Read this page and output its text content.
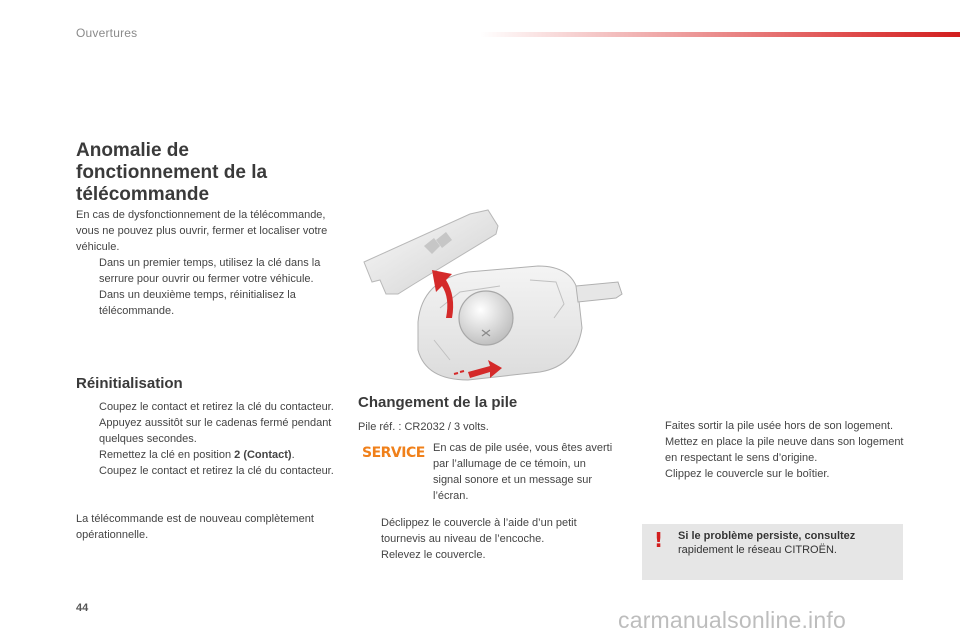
Ouvertures
Anomalie de fonctionnement de la télécommande

En cas de dysfonctionnement de la télécommande, vous ne pouvez plus ouvrir, fermer et localiser votre véhicule.

Dans un premier temps, utilisez la clé dans la serrure pour ouvrir ou fermer votre véhicule.
Dans un deuxième temps, réinitialisez la télécommande.
Réinitialisation
Coupez le contact et retirez la clé du contacteur.
Appuyez aussitôt sur le cadenas fermé pendant quelques secondes.
Remettez la clé en position 2 (Contact).
Coupez le contact et retirez la clé du contacteur.

La télécommande est de nouveau complètement opérationnelle.

Changement de la pile

Pile réf. : CR2032 / 3 volts.

SERVICE En cas de pile usée, vous êtes averti par l’allumage de ce témoin, un signal sonore et un message sur l’écran.

Déclippez le couvercle à l’aide d’un petit tournevis au niveau de l’encoche.
Relevez le couvercle.
Faites sortir la pile usée hors de son logement.
Mettez en place la pile neuve dans son logement en respectant le sens d’origine.
Clippez le couvercle sur le boîtier.
! Si le problème persiste, consultez
rapidement le réseau CITROËN.
44	carmanualsonline.info
